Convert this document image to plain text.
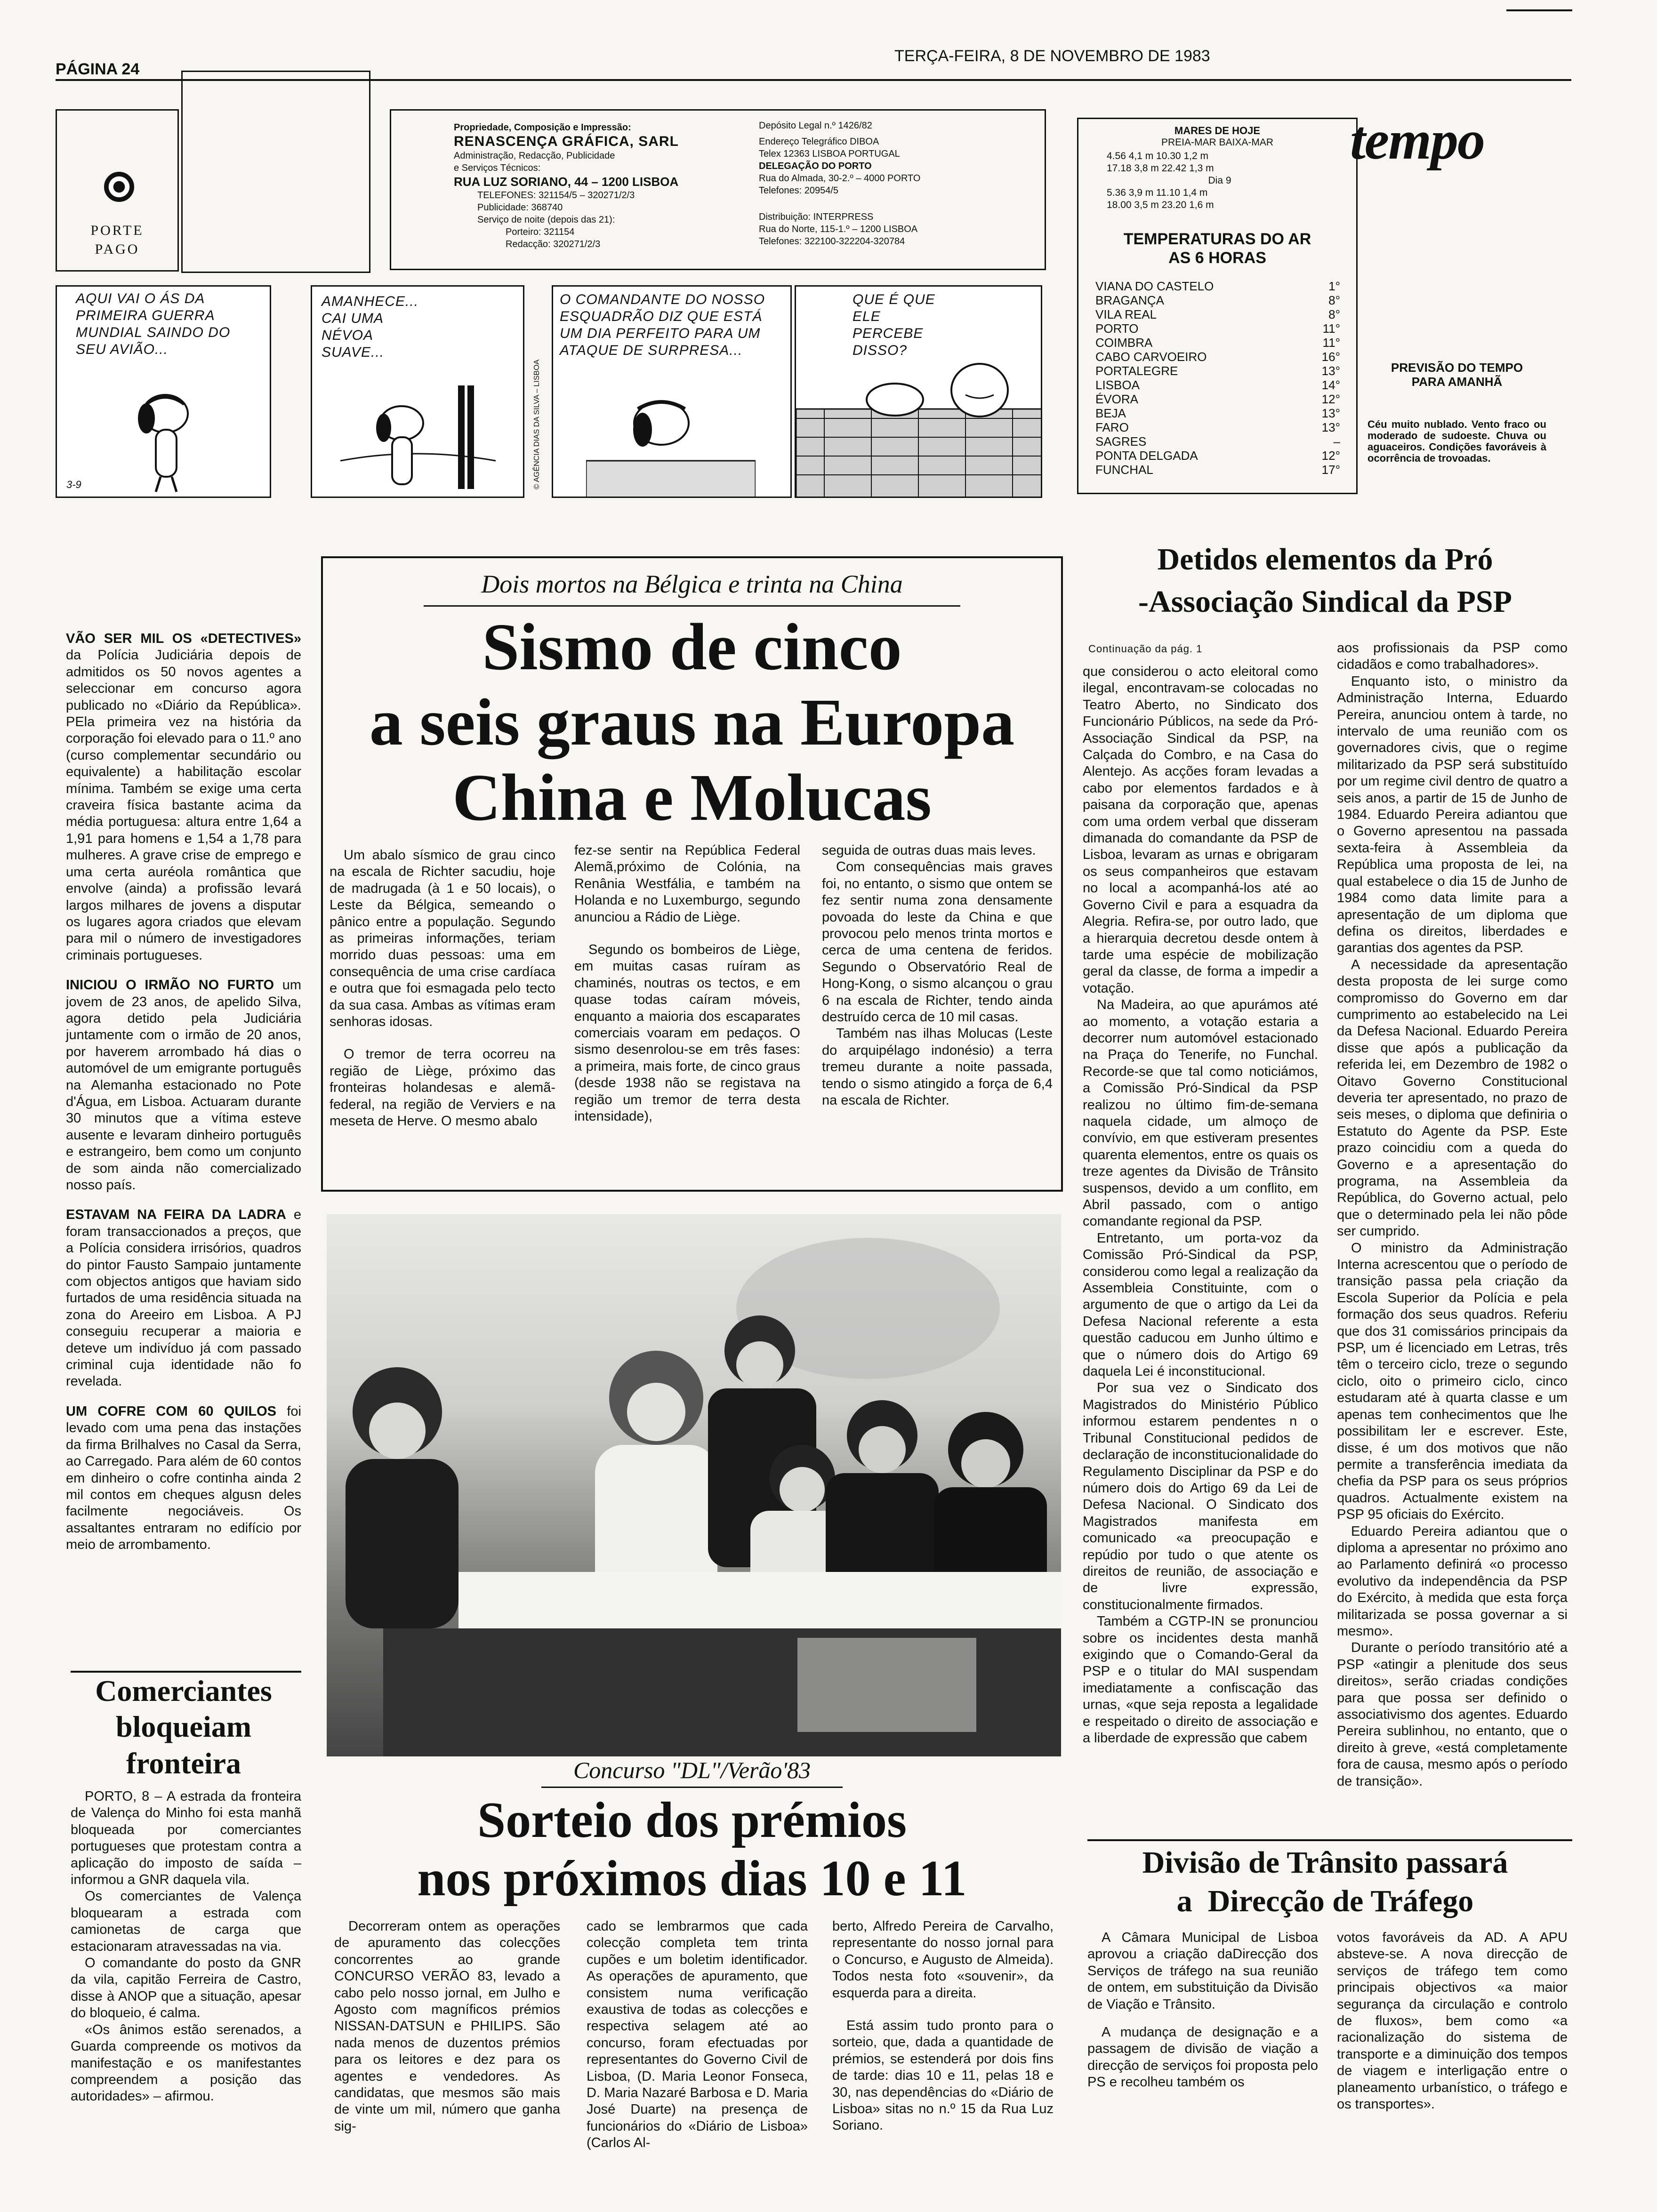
PÁGINA 24
TERÇA-FEIRA, 8 DE NOVEMBRO DE 1983
PORTE
PAGO
Propriedade, Composição e Impressão:
RENASCENÇA GRÁFICA, SARL
Administração, Redacção, Publicidade
e Serviços Técnicos:
RUA LUZ SORIANO, 44 – 1200 LISBOA
TELEFONES: 321154/5 – 320271/2/3
Publicidade: 368740
Serviço de noite (depois das 21):
Porteiro: 321154
Redacção: 320271/2/3
Depósito Legal n.º 1426/82
Endereço Telegráfico DIBOA
Telex 12363 LISBOA PORTUGAL
DELEGAÇÃO DO PORTO
Rua do Almada, 30-2.º – 4000 PORTO
Telefones: 20954/5
Distribuição: INTERPRESS
Rua do Norte, 115-1.º – 1200 LISBOA
Telefones: 322100-322204-320784
MARES DE HOJE
PREIA-MAR BAIXA-MAR
4.56 4,1 m 10.30 1,2 m
17.18 3,8 m 22.42 1,3 m
Dia 9
5.36 3,9 m 11.10 1,4 m
18.00 3,5 m 23.20 1,6 m
TEMPERATURAS DO AR
AS 6 HORAS
VIANA DO CASTELO	1°
BRAGANÇA	8°
VILA REAL	8°
PORTO	11°
COIMBRA	11°
CABO CARVOEIRO	16°
PORTALEGRE	13°
LISBOA	14°
ÉVORA	12°
BEJA	13°
FARO	13°
SAGRES	–
PONTA DELGADA	12°
FUNCHAL	17°
tempo
PREVISÃO DO TEMPO
PARA AMANHÃ
Céu muito nublado. Vento fraco ou moderado de sudoeste. Chuva ou aguaceiros. Condições favoráveis à ocorrência de trovoadas.
AQUI VAI O ÁS DA PRIMEIRA GUERRA MUNDIAL SAINDO DO SEU AVIÃO...
3-9
AMANHECE... CAI UMA NÉVOA SUAVE...
© AGÊNCIA DIAS DA SILVA – LISBOA
O COMANDANTE DO NOSSO ESQUADRÃO DIZ QUE ESTÁ UM DIA PERFEITO PARA UM ATAQUE DE SURPRESA...
QUE É QUE ELE PERCEBE DISSO?

VÃO SER MIL OS «DETECTIVES» da Polícia Judiciária depois de admitidos os 50 novos agentes a seleccionar em concurso agora publicado no «Diário da República». PEla primeira vez na história da corporação foi elevado para o 11.º ano (curso complementar secundário ou equivalente) a habilitação escolar mínima. Também se exige uma certa craveira física bastante acima da média portuguesa: altura entre 1,64 a 1,91 para homens e 1,54 a 1,78 para mulheres. A grave crise de emprego e uma certa auréola romântica que envolve (ainda) a profissão levará largos milhares de jovens a disputar os lugares agora criados que elevam para mil o número de investigadores criminais portugueses.

INICIOU O IRMÃO NO FURTO um jovem de 23 anos, de apelido Silva, agora detido pela Judiciária juntamente com o irmão de 20 anos, por haverem arrombado há dias o automóvel de um emigrante português na Alemanha estacionado no Pote d'Água, em Lisboa. Actuaram durante 30 minutos que a vítima esteve ausente e levaram dinheiro português e estrangeiro, bem como um conjunto de som ainda não comercializado nosso país.

ESTAVAM NA FEIRA DA LADRA e foram transaccionados a preços, que a Polícia considera irrisórios, quadros do pintor Fausto Sampaio juntamente com objectos antigos que haviam sido furtados de uma residência situada na zona do Areeiro em Lisboa. A PJ conseguiu recuperar a maioria e deteve um indivíduo já com passado criminal cuja identidade não fo revelada.

UM COFRE COM 60 QUILOS foi levado com uma pena das instações da firma Brilhalves no Casal da Serra, ao Carregado. Para além de 60 contos em dinheiro o cofre continha ainda 2 mil contos em cheques algusn deles facilmente negociáveis. Os assaltantes entraram no edifício por meio de arrombamento.

Comerciantes
bloqueiam
fronteira

PORTO, 8 – A estrada da fronteira de Valença do Minho foi esta manhã bloqueada por comerciantes portugueses que protestam contra a aplicação do imposto de saída – informou a GNR daquela vila.

Os comerciantes de Valença bloquearam a estrada com camionetas de carga que estacionaram atravessadas na via.

O comandante do posto da GNR da vila, capitão Ferreira de Castro, disse à ANOP que a situação, apesar do bloqueio, é calma.

«Os ânimos estão serenados, a Guarda compreende os motivos da manifestação e os manifestantes compreendem a posição das autoridades» – afirmou.

Dois mortos na Bélgica e trinta na China
Sismo de cinco
a seis graus na Europa
China e Molucas

Um abalo sísmico de grau cinco na escala de Richter sacudiu, hoje de madrugada (à 1 e 50 locais), o Leste da Bélgica, semeando o pânico entre a população. Segundo as primeiras informações, teriam morrido duas pessoas: uma em consequência de uma crise cardíaca e outra que foi esmagada pelo tecto da sua casa. Ambas as vítimas eram senhoras idosas.

O tremor de terra ocorreu na região de Liège, próximo das fronteiras holandesas e alemã-federal, na região de Verviers e na meseta de Herve. O mesmo abalo

fez-se sentir na República Federal Alemã,próximo de Colónia, na Renânia Westfália, e também na Holanda e no Luxemburgo, segundo anunciou a Rádio de Liège.

Segundo os bombeiros de Liège, em muitas casas ruíram as chaminés, noutras os tectos, e em quase todas caíram móveis, enquanto a maioria dos escaparates comerciais voaram em pedaços. O sismo desenrolou-se em três fases: a primeira, mais forte, de cinco graus (desde 1938 não se registava na região um tremor de terra desta intensidade),

seguida de outras duas mais leves.

Com consequências mais graves foi, no entanto, o sismo que ontem se fez sentir numa zona densamente povoada do leste da China e que provocou pelo menos trinta mortos e cerca de uma centena de feridos. Segundo o Observatório Real de Hong-Kong, o sismo alcançou o grau 6 na escala de Richter, tendo ainda destruído cerca de 10 mil casas.

Também nas ilhas Molucas (Leste do arquipélago indonésio) a terra tremeu durante a noite passada, tendo o sismo atingido a força de 6,4 na escala de Richter.

Concurso "DL"/Verão'83
Sorteio dos prémios
nos próximos dias 10 e 11

Decorreram ontem as operações de apuramento das colecções concorrentes ao grande CONCURSO VERÃO 83, levado a cabo pelo nosso jornal, em Julho e Agosto com magníficos prémios NISSAN-DATSUN e PHILIPS. São nada menos de duzentos prémios para os leitores e dez para os agentes e vendedores. As candidatas, que mesmos são mais de vinte um mil, número que ganha sig-

cado se lembrarmos que cada colecção completa tem trinta cupões e um boletim identificador. As operações de apuramento, que consistem numa verificação exaustiva de todas as colecções e respectiva selagem até ao concurso, foram efectuadas por representantes do Governo Civil de Lisboa, (D. Maria Leonor Fonseca, D. Maria Nazaré Barbosa e D. Maria José Duarte) na presença de funcionários do «Diário de Lisboa» (Carlos Al-

berto, Alfredo Pereira de Carvalho, representante do nosso jornal para o Concurso, e Augusto de Almeida). Todos nesta foto «souvenir», da esquerda para a direita.

Está assim tudo pronto para o sorteio, que, dada a quantidade de prémios, se estenderá por dois fins de tarde: dias 10 e 11, pelas 18 e 30, nas dependências do «Diário de Lisboa» sitas no n.º 15 da Rua Luz Soriano.

Detidos elementos da Pró
-Associação Sindical da PSP
Continuação da pág. 1

que considerou o acto eleitoral como ilegal, encontravam-se colocadas no Teatro Aberto, no Sindicato dos Funcionário Públicos, na sede da Pró-Associação Sindical da PSP, na Calçada do Combro, e na Casa do Alentejo. As acções foram levadas a cabo por elementos fardados e à paisana da corporação que, apenas com uma ordem verbal que disseram dimanada do comandante da PSP de Lisboa, levaram as urnas e obrigaram os seus companheiros que estavam no local a acompanhá-los até ao Governo Civil e para a esquadra da Alegria. Refira-se, por outro lado, que a hierarquia decretou desde ontem à tarde uma espécie de mobilização geral da classe, de forma a impedir a votação.

Na Madeira, ao que apurámos até ao momento, a votação estaria a decorrer num automóvel estacionado na Praça do Tenerife, no Funchal. Recorde-se que tal como noticiámos, a Comissão Pró-Sindical da PSP realizou no último fim-de-semana naquela cidade, um almoço de convívio, em que estiveram presentes quarenta elementos, entre os quais os treze agentes da Divisão de Trânsito suspensos, devido a um conflito, em Abril passado, com o antigo comandante regional da PSP.

Entretanto, um porta-voz da Comissão Pró-Sindical da PSP, considerou como legal a realização da Assembleia Constituinte, com o argumento de que o artigo da Lei da Defesa Nacional referente a esta questão caducou em Junho último e que o número dois do Artigo 69 daquela Lei é inconstitucional.

Por sua vez o Sindicato dos Magistrados do Ministério Público informou estarem pendentes n o Tribunal Constitucional pedidos de declaração de inconstitucionalidade do Regulamento Disciplinar da PSP e do número dois do Artigo 69 da Lei de Defesa Nacional. O Sindicato dos Magistrados manifesta em comunicado «a preocupação e repúdio por tudo o que atente os direitos de reunião, de associação e de livre expressão, constitucionalmente firmados.

Também a CGTP-IN se pronunciou sobre os incidentes desta manhã exigindo que o Comando-Geral da PSP e o titular do MAI suspendam imediatamente a confiscação das urnas, «que seja reposta a legalidade e respeitado o direito de associação e a liberdade de expressão que cabem

aos profissionais da PSP como cidadãos e como trabalhadores».

Enquanto isto, o ministro da Administração Interna, Eduardo Pereira, anunciou ontem à tarde, no intervalo de uma reunião com os governadores civis, que o regime militarizado da PSP será substituído por um regime civil dentro de quatro a seis anos, a partir de 15 de Junho de 1984. Eduardo Pereira adiantou que o Governo apresentou na passada sexta-feira à Assembleia da República uma proposta de lei, na qual estabelece o dia 15 de Junho de 1984 como data limite para a apresentação de um diploma que defina os direitos, liberdades e garantias dos agentes da PSP.

A necessidade da apresentação desta proposta de lei surge como compromisso do Governo em dar cumprimento ao estabelecido na Lei da Defesa Nacional. Eduardo Pereira disse que após a publicação da referida lei, em Dezembro de 1982 o Oitavo Governo Constitucional deveria ter apresentado, no prazo de seis meses, o diploma que definiria o Estatuto do Agente da PSP. Este prazo coincidiu com a queda do Governo e a apresentação do programa, na Assembleia da República, do Governo actual, pelo que o determinado pela lei não pôde ser cumprido.

O ministro da Administração Interna acrescentou que o período de transição passa pela criação da Escola Superior da Polícia e pela formação dos seus quadros. Referiu que dos 31 comissários principais da PSP, um é licenciado em Letras, três têm o terceiro ciclo, treze o segundo ciclo, oito o primeiro ciclo, cinco estudaram até à quarta classe e um apenas tem conhecimentos que lhe possibilitam ler e escrever. Este, disse, é um dos motivos que não permite a transferência imediata da chefia da PSP para os seus próprios quadros. Actualmente existem na PSP 95 oficiais do Exército.

Eduardo Pereira adiantou que o diploma a apresentar no próximo ano ao Parlamento definirá «o processo evolutivo da independência da PSP do Exército, à medida que esta força militarizada se possa governar a si mesmo».

Durante o período transitório até a PSP «atingir a plenitude dos seus direitos», serão criadas condições para que possa ser definido o associativismo dos agentes. Eduardo Pereira sublinhou, no entanto, que o direito à greve, «está completamente fora de causa, mesmo após o período de transição».

Divisão de Trânsito passará
a  Direcção de Tráfego

A Câmara Municipal de Lisboa aprovou a criação daDirecção dos Serviços de tráfego na sua reunião de ontem, em substituição da Divisão de Viação e Trânsito.

A mudança de designação e a passagem de divisão de viação a direcção de serviços foi proposta pelo PS e recolheu também os

votos favoráveis da AD. A APU absteve-se. A nova direcção de serviços de tráfego tem como principais objectivos «a maior segurança da circulação e controlo de fluxos», bem como «a racionalização do sistema de transporte e a diminuição dos tempos de viagem e interligação entre o planeamento urbanístico, o tráfego e os transportes».
